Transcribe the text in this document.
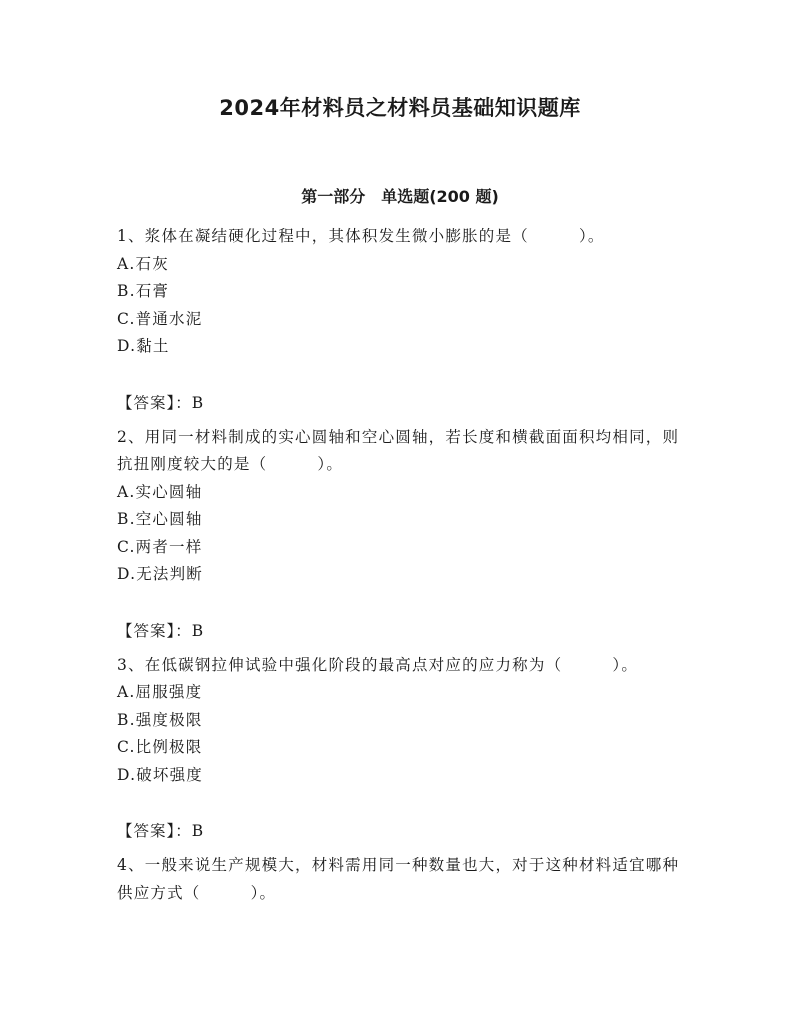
2024年材料员之材料员基础知识题库
第一部分　单选题(200 题)

1、浆体在凝结硬化过程中，其体积发生微小膨胀的是（　　　）。

A.石灰
B.石膏
C.普通水泥
D.黏土

【答案】：B

2、用同一材料制成的实心圆轴和空心圆轴，若长度和横截面面积均相同，则抗扭刚度较大的是（　　　）。

A.实心圆轴
B.空心圆轴
C.两者一样
D.无法判断

【答案】：B

3、在低碳钢拉伸试验中强化阶段的最高点对应的应力称为（　　　）。

A.屈服强度
B.强度极限
C.比例极限
D.破坏强度

【答案】：B

4、一般来说生产规模大，材料需用同一种数量也大，对于这种材料适宜哪种供应方式（　　　）。
